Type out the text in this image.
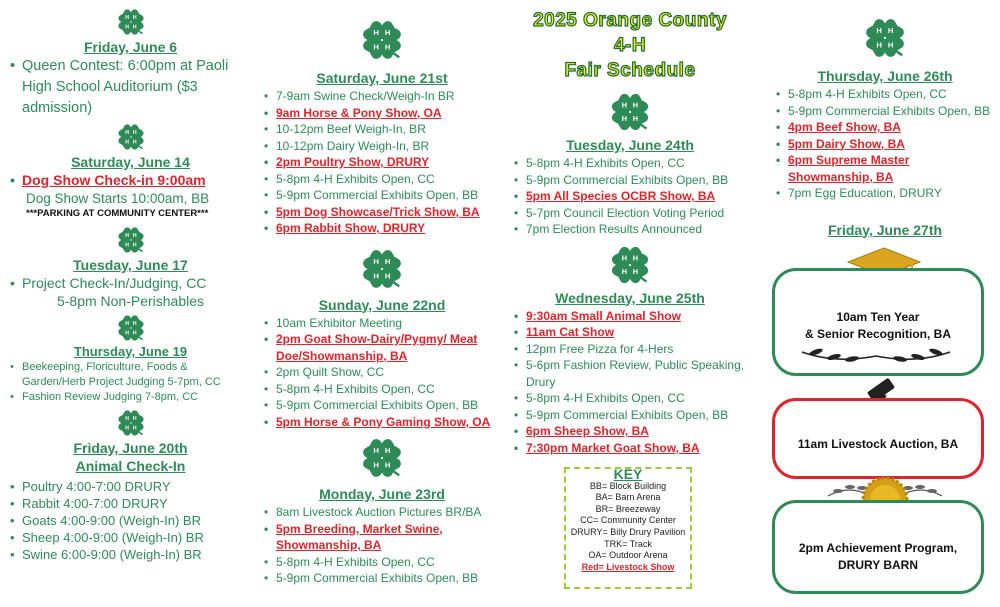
Friday, June 6
• Queen Contest: 6:00pm at Paoli High School Auditorium ($3 admission)
Saturday, June 14
• Dog Show Check-in 9:00am
Dog Show Starts 10:00am, BB
***PARKING AT COMMUNITY CENTER***
Tuesday, June 17
• Project Check-In/Judging, CC
5-8pm Non-Perishables
Thursday, June 19
• Beekeeping, Floriculture, Foods & Garden/Herb Project Judging 5-7pm, CC
• Fashion Review Judging 7-8pm, CC
Friday, June 20th
Animal Check-In
• Poultry 4:00-7:00 DRURY
• Rabbit 4:00-7:00 DRURY
• Goats 4:00-9:00 (Weigh-In) BR
• Sheep 4:00-9:00 (Weigh-In) BR
• Swine 6:00-9:00 (Weigh-In) BR
Saturday, June 21st
• 7-9am Swine Check/Weigh-In BR
• 9am Horse & Pony Show, OA
• 10-12pm Beef Weigh-In, BR
• 10-12pm Dairy Weigh-In, BR
• 2pm Poultry Show, DRURY
• 5-8pm 4-H Exhibits Open, CC
• 5-9pm Commercial Exhibits Open, BB
• 5pm Dog Showcase/Trick Show, BA
• 6pm Rabbit Show, DRURY
Sunday, June 22nd
• 10am Exhibitor Meeting
• 2pm Goat Show-Dairy/Pygmy/ Meat Doe/Showmanship, BA
• 2pm Quilt Show, CC
• 5-8pm 4-H Exhibits Open, CC
• 5-9pm Commercial Exhibits Open, BB
• 5pm Horse & Pony Gaming Show, OA
Monday, June 23rd
• 8am Livestock Auction Pictures BR/BA
• 5pm Breeding, Market Swine, Showmanship, BA
• 5-8pm 4-H Exhibits Open, CC
• 5-9pm Commercial Exhibits Open, BB
2025 Orange County
4-H
Fair Schedule
Tuesday, June 24th
• 5-8pm 4-H Exhibits Open, CC
• 5-9pm Commercial Exhibits Open, BB
• 5pm All Species OCBR Show, BA
• 5-7pm Council Election Voting Period
• 7pm Election Results Announced
Wednesday, June 25th
• 9:30am Small Animal Show
• 11am Cat Show
• 12pm Free Pizza for 4-Hers
• 5-6pm Fashion Review, Public Speaking, Drury
• 5-8pm 4-H Exhibits Open, CC
• 5-9pm Commercial Exhibits Open, BB
• 6pm Sheep Show, BA
• 7:30pm Market Goat Show, BA
KEY
BB= Block Building
BA= Barn Arena
BR= Breezeway
CC= Community Center
DRURY= Billy Drury Pavilion
TRK= Track
OA= Outdoor Arena
Red= Livestock Show
Thursday, June 26th
• 5-8pm 4-H Exhibits Open, CC
• 5-9pm Commercial Exhibits Open, BB
• 4pm Beef Show, BA
• 5pm Dairy Show, BA
• 6pm Supreme Master Showmanship, BA
• 7pm Egg Education, DRURY
Friday, June 27th
10am Ten Year
& Senior Recognition, BA
11am Livestock Auction, BA
2pm Achievement Program,
DRURY BARN
